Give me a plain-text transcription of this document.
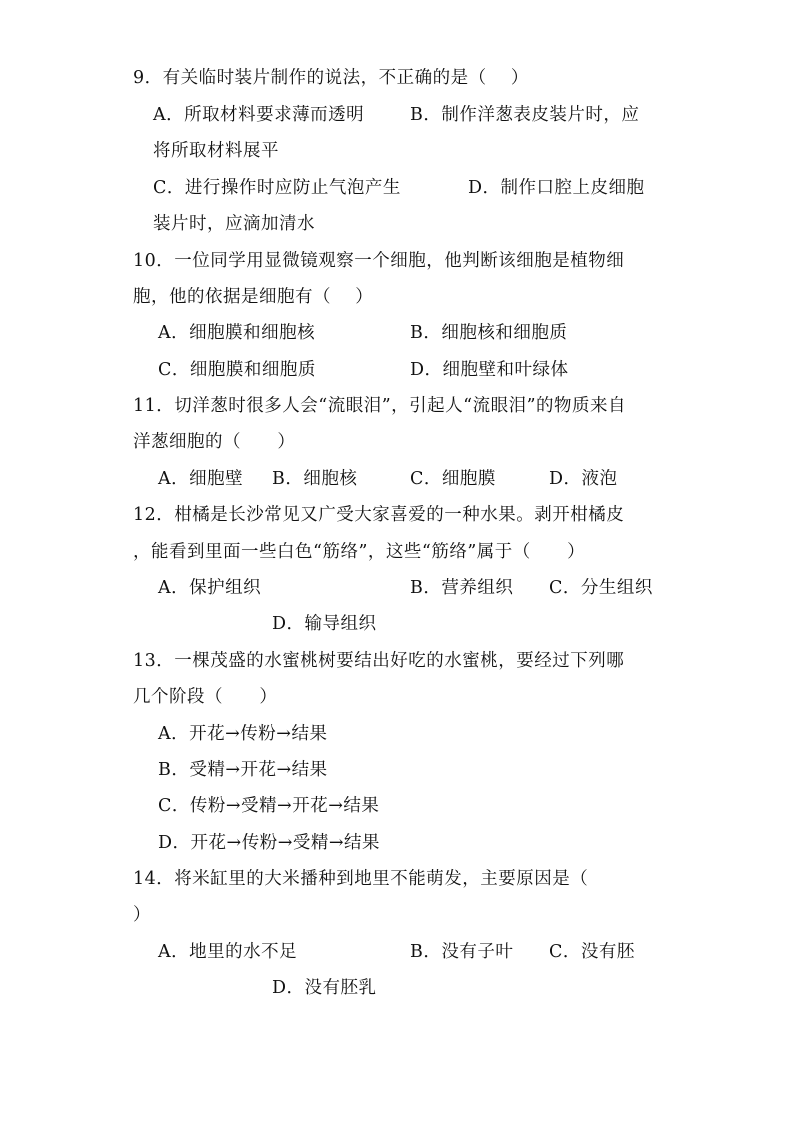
9．有关临时装片制作的说法，不正确的是（    ）
A．所取材料要求薄而透明	B．制作洋葱表皮装片时，应
将所取材料展平
C．进行操作时应防止气泡产生	D．制作口腔上皮细胞
装片时，应滴加清水
10．一位同学用显微镜观察一个细胞，他判断该细胞是植物细
胞，他的依据是细胞有（    ）
A．细胞膜和细胞核	B．细胞核和细胞质
C．细胞膜和细胞质	D．细胞壁和叶绿体
11．切洋葱时很多人会“流眼泪”，引起人“流眼泪”的物质来自
洋葱细胞的（      ）
A．细胞壁 B．细胞核	C．细胞膜	D．液泡
12．柑橘是长沙常见又广受大家喜爱的一种水果。剥开柑橘皮
，能看到里面一些白色“筋络”，这些“筋络”属于（      ）
A．保护组织	B．营养组织 C．分生组织
D．输导组织
13．一棵茂盛的水蜜桃树要结出好吃的水蜜桃，要经过下列哪
几个阶段（      ）
A．开花→传粉→结果
B．受精→开花→结果
C．传粉→受精→开花→结果
D．开花→传粉→受精→结果
14．将米缸里的大米播种到地里不能萌发，主要原因是（
）
A．地里的水不足	B．没有子叶 C．没有胚
D．没有胚乳
